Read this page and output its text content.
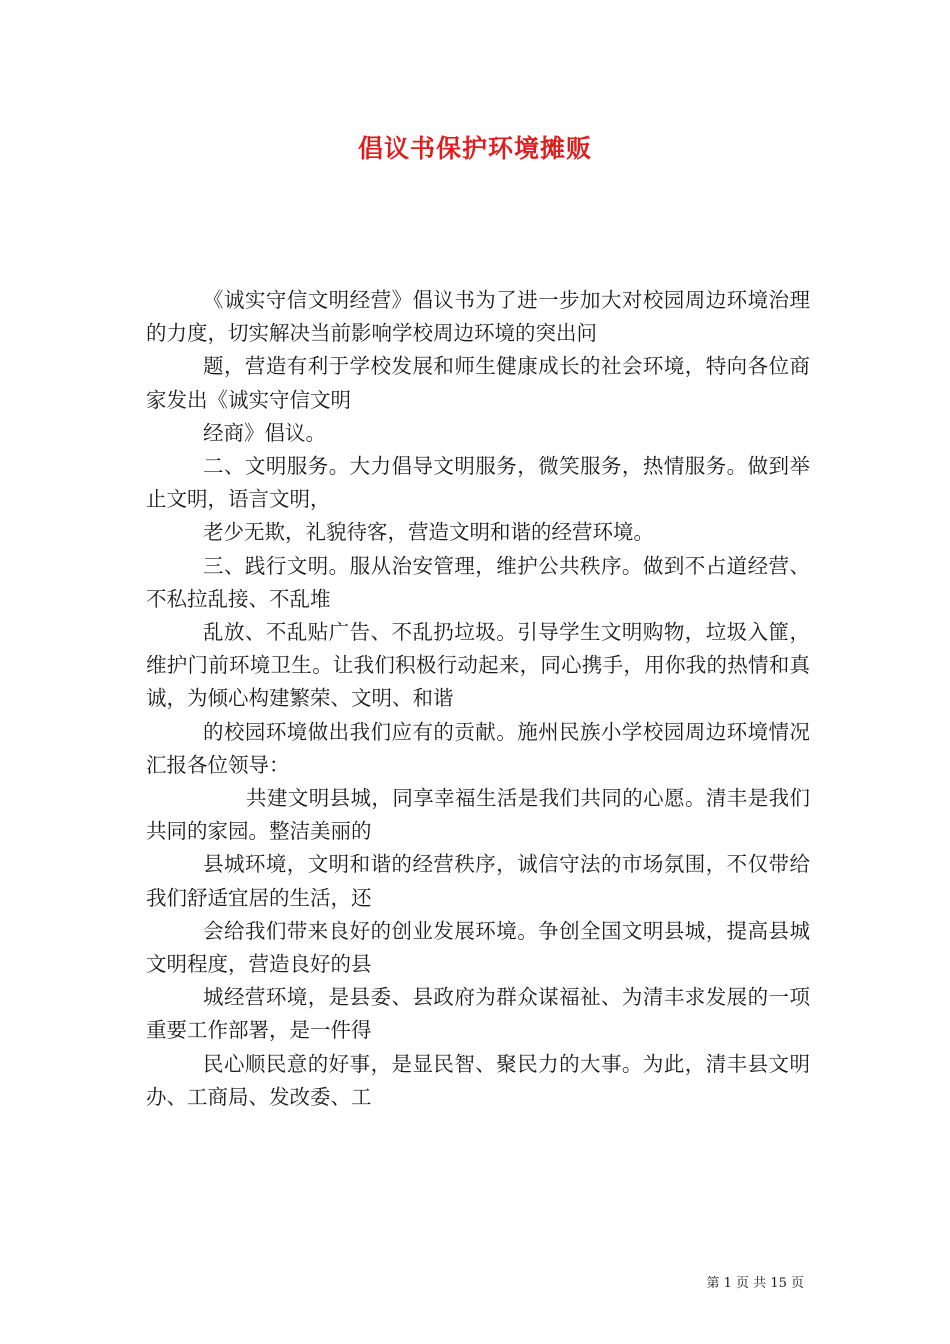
倡议书保护环境摊贩

《诚实守信文明经营》倡议书为了进一步加大对校园周边环境治理的力度，切实解决当前影响学校周边环境的突出问

题，营造有利于学校发展和师生健康成长的社会环境，特向各位商家发出《诚实守信文明

经商》倡议。

二、文明服务。大力倡导文明服务，微笑服务，热情服务。做到举止文明，语言文明，

老少无欺，礼貌待客，营造文明和谐的经营环境。

三、践行文明。服从治安管理，维护公共秩序。做到不占道经营、不私拉乱接、不乱堆

乱放、不乱贴广告、不乱扔垃圾。引导学生文明购物，垃圾入篚，维护门前环境卫生。让我们积极行动起来，同心携手，用你我的热情和真诚，为倾心构建繁荣、文明、和谐

的校园环境做出我们应有的贡献。施州民族小学校园周边环境情况汇报各位领导：

共建文明县城，同享幸福生活是我们共同的心愿。清丰是我们共同的家园。整洁美丽的

县城环境，文明和谐的经营秩序，诚信守法的市场氛围，不仅带给我们舒适宜居的生活，还

会给我们带来良好的创业发展环境。争创全国文明县城，提高县城文明程度，营造良好的县

城经营环境，是县委、县政府为群众谋福祉、为清丰求发展的一项重要工作部署，是一件得

民心顺民意的好事，是显民智、聚民力的大事。为此，清丰县文明办、工商局、发改委、工

第 1 页 共 15 页
